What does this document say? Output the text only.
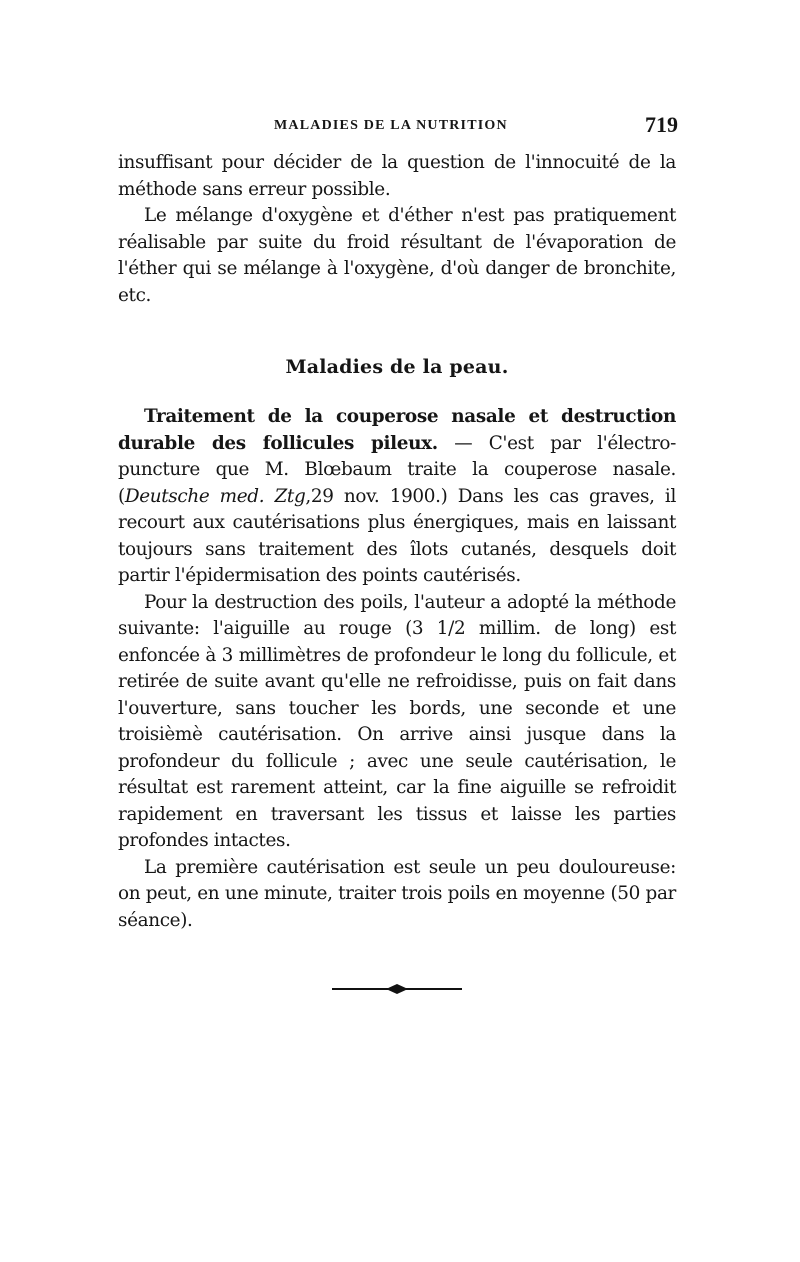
MALADIES DE LA NUTRITION	719

insuffisant pour décider de la question de l'innocuité de la méthode sans erreur possible.

Le mélange d'oxygène et d'éther n'est pas pratiquement réalisable par suite du froid résultant de l'évaporation de l'éther qui se mélange à l'oxygène, d'où danger de bronchite, etc.

Maladies de la peau.

Traitement de la couperose nasale et destruction durable des follicules pileux. — C'est par l'électro-puncture que M. Blœbaum traite la couperose nasale. (Deutsche med. Ztg,29 nov. 1900.) Dans les cas graves, il recourt aux cautérisations plus énergiques, mais en laissant toujours sans traitement des îlots cutanés, desquels doit partir l'épidermisation des points cautérisés.

Pour la destruction des poils, l'auteur a adopté la méthode suivante: l'aiguille au rouge (3 1/2 millim. de long) est enfoncée à 3 millimètres de profondeur le long du follicule, et retirée de suite avant qu'elle ne refroidisse, puis on fait dans l'ouverture, sans toucher les bords, une seconde et une troisièmè cautérisation. On arrive ainsi jusque dans la profondeur du follicule ; avec une seule cautérisation, le résultat est rarement atteint, car la fine aiguille se refroidit rapidement en traversant les tissus et laisse les parties profondes intactes.

La première cautérisation est seule un peu douloureuse: on peut, en une minute, traiter trois poils en moyenne (50 par séance).
